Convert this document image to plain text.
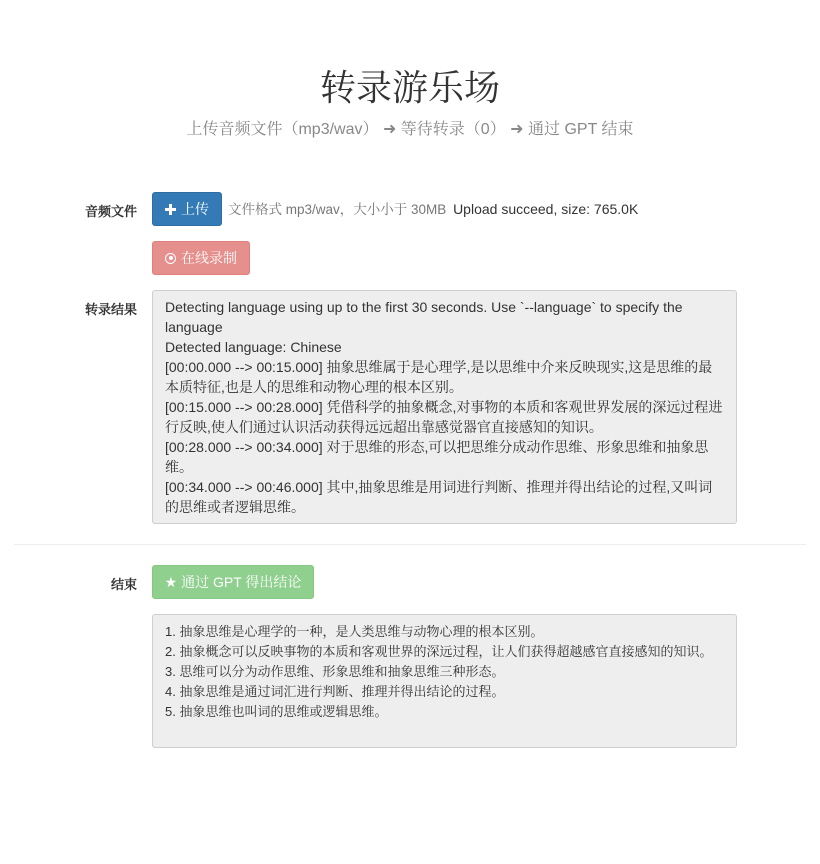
转录游乐场
上传音频文件（mp3/wav） ➜ 等待转录（0） ➜ 通过 GPT 结束
音频文件	上传 文件格式 mp3/wav，大小小于 30MB Upload succeed, size: 765.0K
在线录制
转录结果 Detecting language using up to the first 30 seconds. Use `--language` to specify the language
Detected language: Chinese
[00:00.000 --> 00:15.000] 抽象思维属于是心理学,是以思维中介来反映现实,这是思维的最本质特征,也是人的思维和动物心理的根本区别。
[00:15.000 --> 00:28.000] 凭借科学的抽象概念,对事物的本质和客观世界发展的深远过程进行反映,使人们通过认识活动获得远远超出靠感觉器官直接感知的知识。
[00:28.000 --> 00:34.000] 对于思维的形态,可以把思维分成动作思维、形象思维和抽象思维。
[00:34.000 --> 00:46.000] 其中,抽象思维是用词进行判断、推理并得出结论的过程,又叫词的思维或者逻辑思维。
结束 ★ 通过 GPT 得出结论
1. 抽象思维是心理学的一种，是人类思维与动物心理的根本区别。
2. 抽象概念可以反映事物的本质和客观世界的深远过程，让人们获得超越感官直接感知的知识。
3. 思维可以分为动作思维、形象思维和抽象思维三种形态。
4. 抽象思维是通过词汇进行判断、推理并得出结论的过程。
5. 抽象思维也叫词的思维或逻辑思维。
